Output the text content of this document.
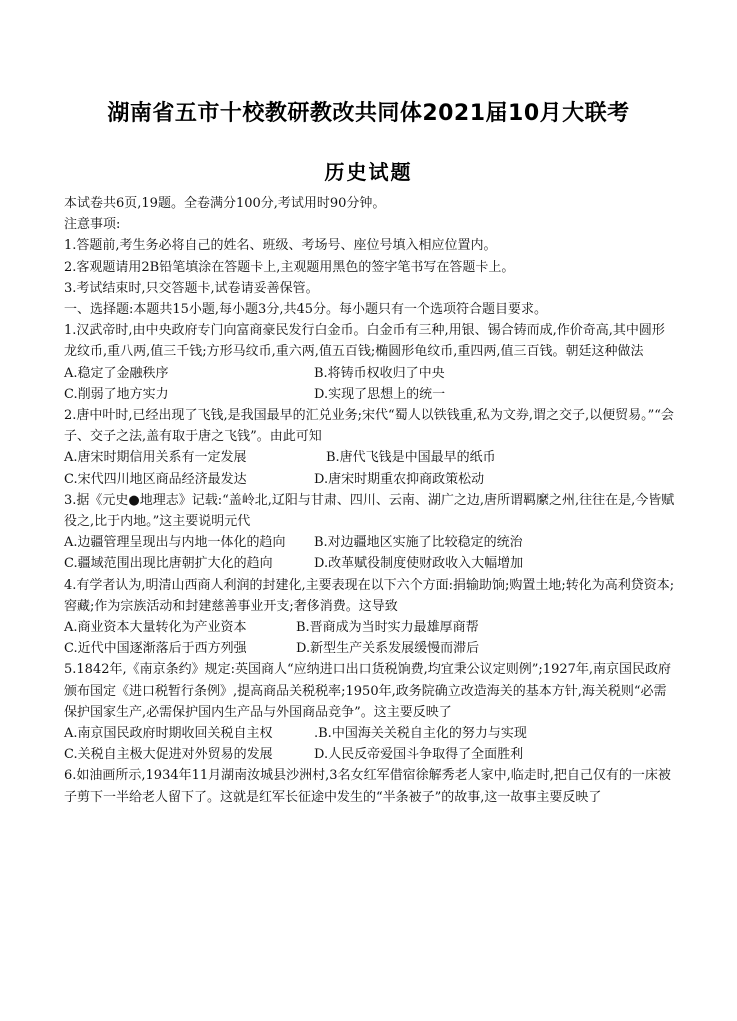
湖南省五市十校教研教改共同体2021届10月大联考
历史试题

本试卷共6页,19题。全卷满分100分,考试用时90分钟。

注意事项:

1.答题前,考生务必将自己的姓名、班级、考场号、座位号填入相应位置内。

2.客观题请用2B铅笔填涂在答题卡上,主观题用黑色的签字笔书写在答题卡上。

3.考试结束时,只交答题卡,试卷请妥善保管。

一、选择题:本题共15小题,每小题3分,共45分。每小题只有一个选项符合题目要求。

1.汉武帝时,由中央政府专门向富商豪民发行白金币。白金币有三种,用银、锡合铸而成,作价奇高,其中圆形龙纹币,重八两,值三千钱;方形马纹币,重六两,值五百钱;椭圆形龟纹币,重四两,值三百钱。朝廷这种做法

A.稳定了金融秩序	B.将铸币权收归了中央
C.削弱了地方实力	D.实现了思想上的统一

2.唐中叶时,已经出现了飞钱,是我国最早的汇兑业务;宋代“蜀人以铁钱重,私为文券,谓之交子,以便贸易。”“会子、交子之法,盖有取于唐之飞钱”。由此可知

A.唐宋时期信用关系有一定发展	B.唐代飞钱是中国最早的纸币
C.宋代四川地区商品经济最发达	D.唐宋时期重农抑商政策松动

3.据《元史●地理志》记载:“盖岭北,辽阳与甘肃、四川、云南、湖广之边,唐所谓羁縻之州,往往在是,今皆赋役之,比于内地。”这主要说明元代

A.边疆管理呈现出与内地一体化的趋向	B.对边疆地区实施了比较稳定的统治
C.疆域范围出现比唐朝扩大化的趋向	D.改革赋役制度使财政收入大幅增加

4.有学者认为,明清山西商人利润的封建化,主要表现在以下六个方面:捐输助饷;购置土地;转化为高利贷资本;窖藏;作为宗族活动和封建慈善事业开支;奢侈消费。这导致

A.商业资本大量转化为产业资本	B.晋商成为当时实力最雄厚商帮
C.近代中国逐渐落后于西方列强	D.新型生产关系发展缓慢而滞后

5.1842年,《南京条约》规定:英国商人“应纳进口出口货税饷费,均宜秉公议定则例”;1927年,南京国民政府颁布国定《进口税暂行条例》,提高商品关税税率;1950年,政务院确立改造海关的基本方针,海关税则“必需保护国家生产,必需保护国内生产品与外国商品竞争”。这主要反映了

A.南京国民政府时期收回关税自主权	.B.中国海关关税自主化的努力与实现
C.关税自主极大促进对外贸易的发展	D.人民反帝爱国斗争取得了全面胜利

6.如油画所示,1934年11月湖南汝城县沙洲村,3名女红军借宿徐解秀老人家中,临走时,把自己仅有的一床被子剪下一半给老人留下了。这就是红军长征途中发生的“半条被子”的故事,这一故事主要反映了
